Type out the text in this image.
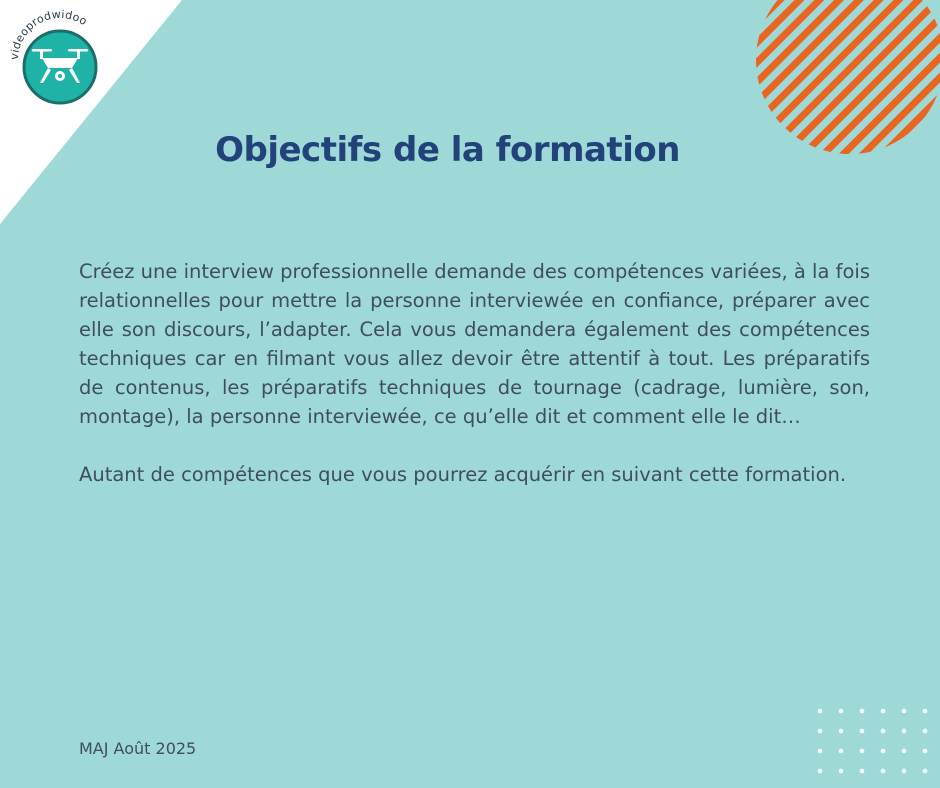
videoprodwidoo
Objectifs de la formation

Créez une interview professionnelle demande des compétences variées, à la fois relationnelles pour mettre la personne interviewée en confiance, préparer avec elle son discours, l’adapter. Cela vous demandera également des compétences techniques car en filmant vous allez devoir être attentif à tout. Les préparatifs de contenus, les préparatifs techniques de tournage (cadrage, lumière, son, montage), la personne interviewée, ce qu’elle dit et comment elle le dit…

Autant de compétences que vous pourrez acquérir en suivant cette formation.

MAJ Août 2025
